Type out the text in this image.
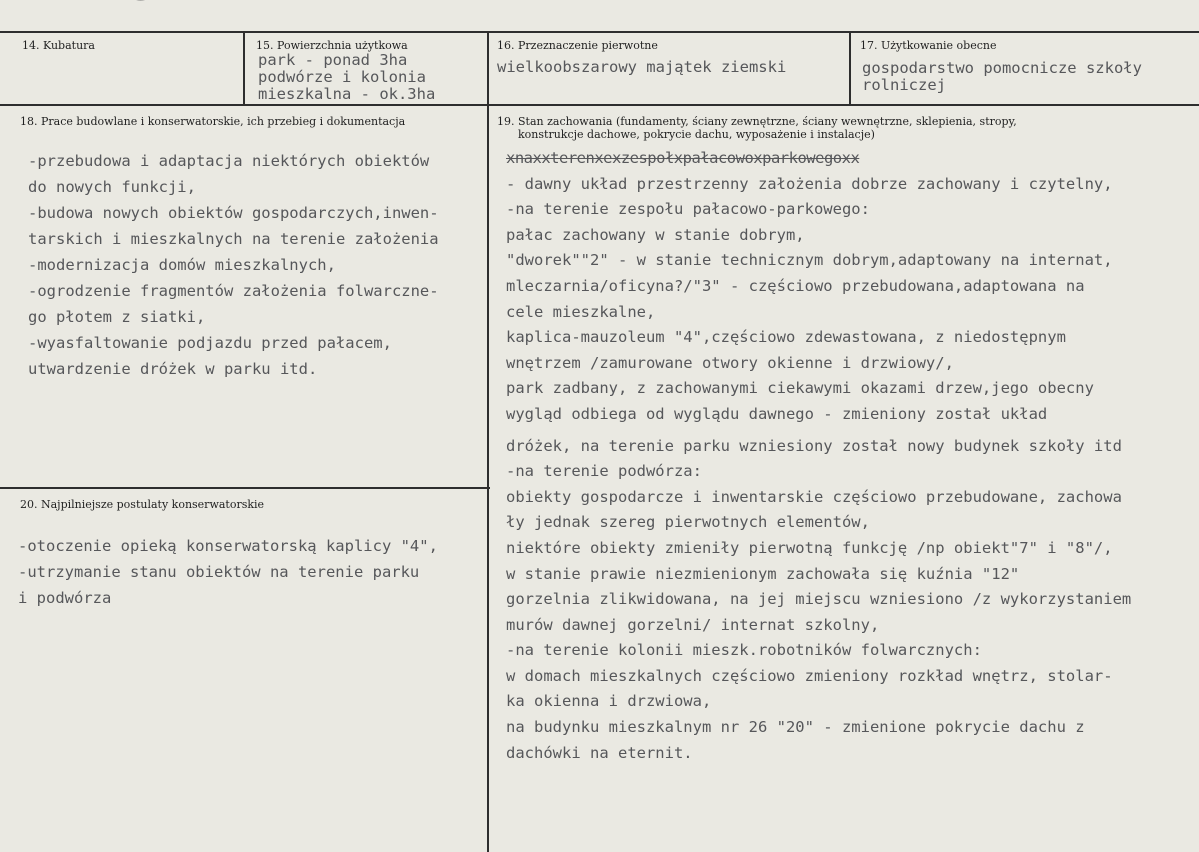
14. Kubatura	15. Powierzchnia użytkowa
park - ponad 3ha
podwórze i kolonia
mieszkalna - ok.3ha
16. Przeznaczenie pierwotne
wielkoobszarowy majątek ziemski
17. Użytkowanie obecne
gospodarstwo pomocnicze szkoły
rolniczej
18. Prace budowlane i konserwatorskie, ich przebieg i dokumentacja
-przebudowa i adaptacja niektórych obiektów
do nowych funkcji,
-budowa nowych obiektów gospodarczych,inwen-
tarskich i mieszkalnych na terenie założenia
-modernizacja domów mieszkalnych,
-ogrodzenie fragmentów założenia folwarczne-
go płotem z siatki,
-wyasfaltowanie podjazdu przed pałacem,
utwardzenie dróżek w parku itd.
20. Najpilniejsze postulaty konserwatorskie
-otoczenie opieką konserwatorską kaplicy "4",
-utrzymanie stanu obiektów na terenie parku
i podwórza
19. Stan zachowania (fundamenty, ściany zewnętrzne, ściany wewnętrzne, sklepienia, stropy,
konstrukcje dachowe, pokrycie dachu, wyposażenie i instalacje)
xnaxxterenxexzespołxpałacowoxparkowegoxx
- dawny układ przestrzenny założenia dobrze zachowany i czytelny,
-na terenie zespołu pałacowo-parkowego:
pałac zachowany w stanie dobrym,
"dworek""2" - w stanie technicznym dobrym,adaptowany na internat,
mleczarnia/oficyna?/"3" - częściowo przebudowana,adaptowana na
cele mieszkalne,
kaplica-mauzoleum "4",częściowo zdewastowana, z niedostępnym
wnętrzem /zamurowane otwory okienne i drzwiowy/,
park zadbany, z zachowanymi ciekawymi okazami drzew,jego obecny
wygląd odbiega od wyglądu dawnego - zmieniony został układ
dróżek, na terenie parku wzniesiony został nowy budynek szkoły itd
-na terenie podwórza:
obiekty gospodarcze i inwentarskie częściowo przebudowane, zachowa
ły jednak szereg pierwotnych elementów,
niektóre obiekty zmieniły pierwotną funkcję /np obiekt"7" i "8"/,
w stanie prawie niezmienionym zachowała się kuźnia "12"
gorzelnia zlikwidowana, na jej miejscu wzniesiono /z wykorzystaniem
murów dawnej gorzelni/ internat szkolny,
-na terenie kolonii mieszk.robotników folwarcznych:
w domach mieszkalnych częściowo zmieniony rozkład wnętrz, stolar-
ka okienna i drzwiowa,
na budynku mieszkalnym nr 26 "20" - zmienione pokrycie dachu z
dachówki na eternit.
